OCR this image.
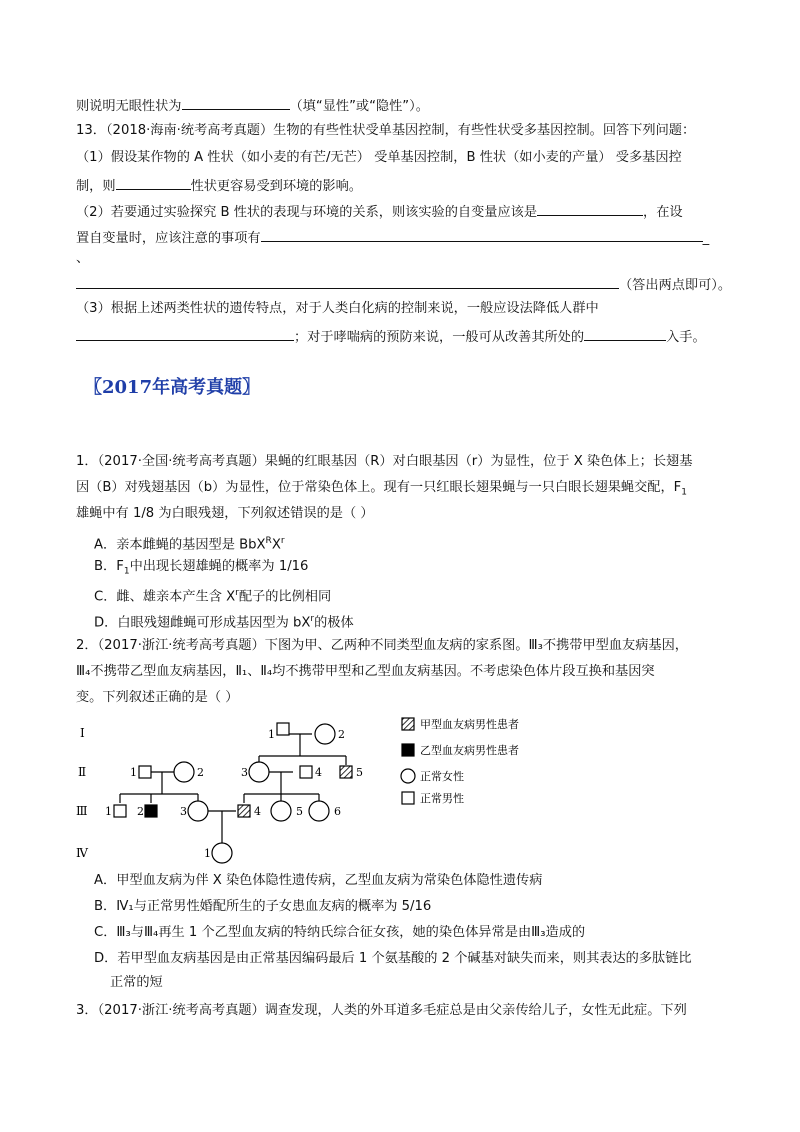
则说明无眼性状为	（填“显性”或“隐性”）。
13．（2018·海南·统考高考真题）生物的有些性状受单基因控制，有些性状受多基因控制。回答下列问题：
（1）假设某作物的 A 性状（如小麦的有芒/无芒） 受单基因控制，B 性状（如小麦的产量） 受多基因控
制，则	性状更容易受到环境的影响。
（2）若要通过实验探究 B 性状的表现与环境的关系，则该实验的自变量应该是	，在设
置自变量时，应该注意的事项有	_
、
（答出两点即可）。
（3）根据上述两类性状的遗传特点，对于人类白化病的控制来说，一般应设法降低人群中
；对于哮喘病的预防来说，一般可从改善其所处的	入手。
〖2017年高考真题〗
1．（2017·全国·统考高考真题）果蝇的红眼基因（R）对白眼基因（r）为显性，位于 X 染色体上；长翅基
因（B）对残翅基因（b）为显性，位于常染色体上。现有一只红眼长翅果蝇与一只白眼长翅果蝇交配，$F_1$
雄蝇中有 1/8 为白眼残翅，下列叙述错误的是（ ）
A．亲本雌蝇的基因型是 $BbX^RX^r$
B．$F_1$中出现长翅雄蝇的概率为 1/16
C．雌、雄亲本产生含 $X^r$配子的比例相同
D．白眼残翅雌蝇可形成基因型为 $bX^r$的极体
2．（2017·浙江·统考高考真题）下图为甲、乙两种不同类型血友病的家系图。Ⅲ₃不携带甲型血友病基因，
Ⅲ₄不携带乙型血友病基因，Ⅱ₁、Ⅱ₄均不携带甲型和乙型血友病基因。不考虑染色体片段互换和基因突
变。下列叙述正确的是（ ）
Ⅰ
Ⅱ
Ⅲ
Ⅳ
1	2
1	2	3	4	5
1 2	3	4	5	6
1
甲型血友病男性患者
乙型血友病男性患者
正常女性
正常男性
A．甲型血友病为伴 X 染色体隐性遗传病，乙型血友病为常染色体隐性遗传病
B．Ⅳ₁与正常男性婚配所生的子女患血友病的概率为 5/16
C．Ⅲ₃与Ⅲ₄再生 1 个乙型血友病的特纳氏综合征女孩，她的染色体异常是由Ⅲ₃造成的
D．若甲型血友病基因是由正常基因编码最后 1 个氨基酸的 2 个碱基对缺失而来，则其表达的多肽链比
正常的短
3．（2017·浙江·统考高考真题）调查发现，人类的外耳道多毛症总是由父亲传给儿子，女性无此症。下列
